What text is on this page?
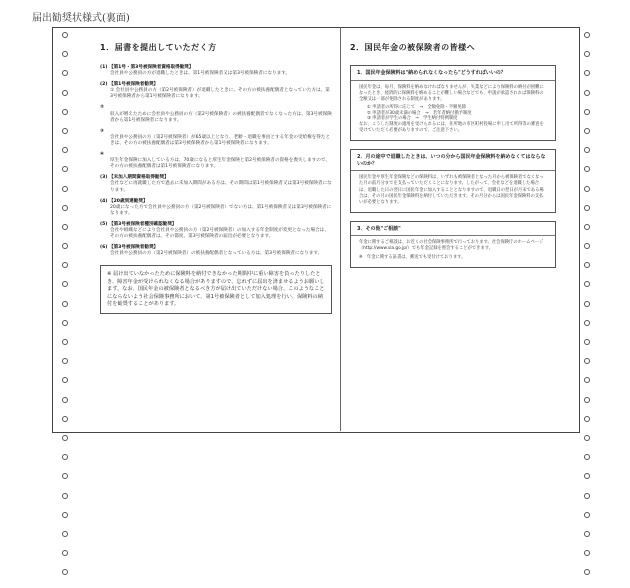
届出勧奨状様式(裏面)
1．届書を提出していただく方
(1) 【第1号・第3号被保険者資格取得勧奨】
会社員や公務員の方が退職したときは、第1号被保険者又は第3号被保険者になります。
(2) 【第1号被保険者勧奨】
① 会社員や公務員の方（第2号被保険者）が退職したときに、その方の被扶養配偶者となっていた方は、第3号被保険者から第1号被保険者になります。
②
収入が増えたために会社員や公務員の方（第2号被保険者）の被扶養配偶者でなくなった方は、第3号被保険者から第1号被保険者になります。
③
会社員や公務員の方（第2号被保険者）が65歳以上となり、老齢・退職を事由とする年金の受給権を得たときは、その方の被扶養配偶者は第3号被保険者から第1号被保険者になります。
④
厚生年金保険に加入している方は、70歳になると厚生年金保険と第2号被保険者の資格を喪失しますので、その方の被扶養配偶者は第1号被保険者になります。
(3) 【未加入期間資格取得勧奨】
会社などに再就職した方で過去に未加入期間がある方は、その期間は第1号被保険者又は第3号被保険者になります。
(4) 【20歳到達勧奨】
20歳になった方で会社員や公務員の方（第2号被保険者）でない方は、第1号被保険者又は第3号被保険者になります。
(5) 【第3号被保険者種別確認勧奨】
会社や組織などにより会社員や公務員の方（第2号被保険者）の加入する年金制度が変更となった場合は、その方の被扶養配偶者は、その都度、第3号被保険者の届出が必要となります。
(6) 【第3号被保険者勧奨】
会社員や公務員の方（第2号被保険者）の被扶養配偶者となっている方は、第3号被保険者になります。

※ 届け出ていなかったために保険料を納付できなかった期間中に重い障害を負ったりしたとき、障害年金が受けられなくなる場合がありますので、忘れずに届出を済ませるようお願いします。なお、国民年金の被保険者となるべき方が届け出ていただけない場合、このようなことにならないよう社会保険事務所において、第1号被保険者として加入処理を行い、保険料の納付を勧奨することがあります。

2．国民年金の被保険者の皆様へ
1．国民年金保険料は"納められなくなったら"どうすればいいの？

国民年金は、毎月、保険料を納めなければなりませんが、失業などにより保険料の納付が困難になったとき、経済的に保険料を納めることが難しい場合などでも、申請が承認されれば保険料の全額又は一部が免除される制度があります。

① 申請者の所得に応じて　→　全額免除・半額免除
② 申請者が30歳未満の場合　→　若年者納付猶予制度
③ 申請者が学生の場合　→　学生納付特例制度

なお、こうした制度の適用を受けられるには、住所地の市区町村役場に申し出て所得等の審査を受けていただく必要がありますので、ご注意下さい。

2．月の途中で退職したときは、いつの分から国民年金保険料を納めなくてはならないのか？

国民年金や厚生年金保険などの保険料は、いずれも被保険者となった月から被保険者でなくなった月の前月分までを支払っていただくことになります。したがって、会社などを退職した場合は、退職した日の翌日に国民年金に加入することとなりますので、退職日の翌日が月末である場合は、その月の国民年金保険料を納付していただきます。その月分からは国民年金保険料の支払いが必要となります。

3．その他"ご相談"

年金に関するご相談は、お近くの社会保険事務所で行っております。社会保険庁のホームページ（http://www.sia.go.jp/）でも年金記録を照会することができます。

※　年金に関する証書は、郵送でも受付けております。
